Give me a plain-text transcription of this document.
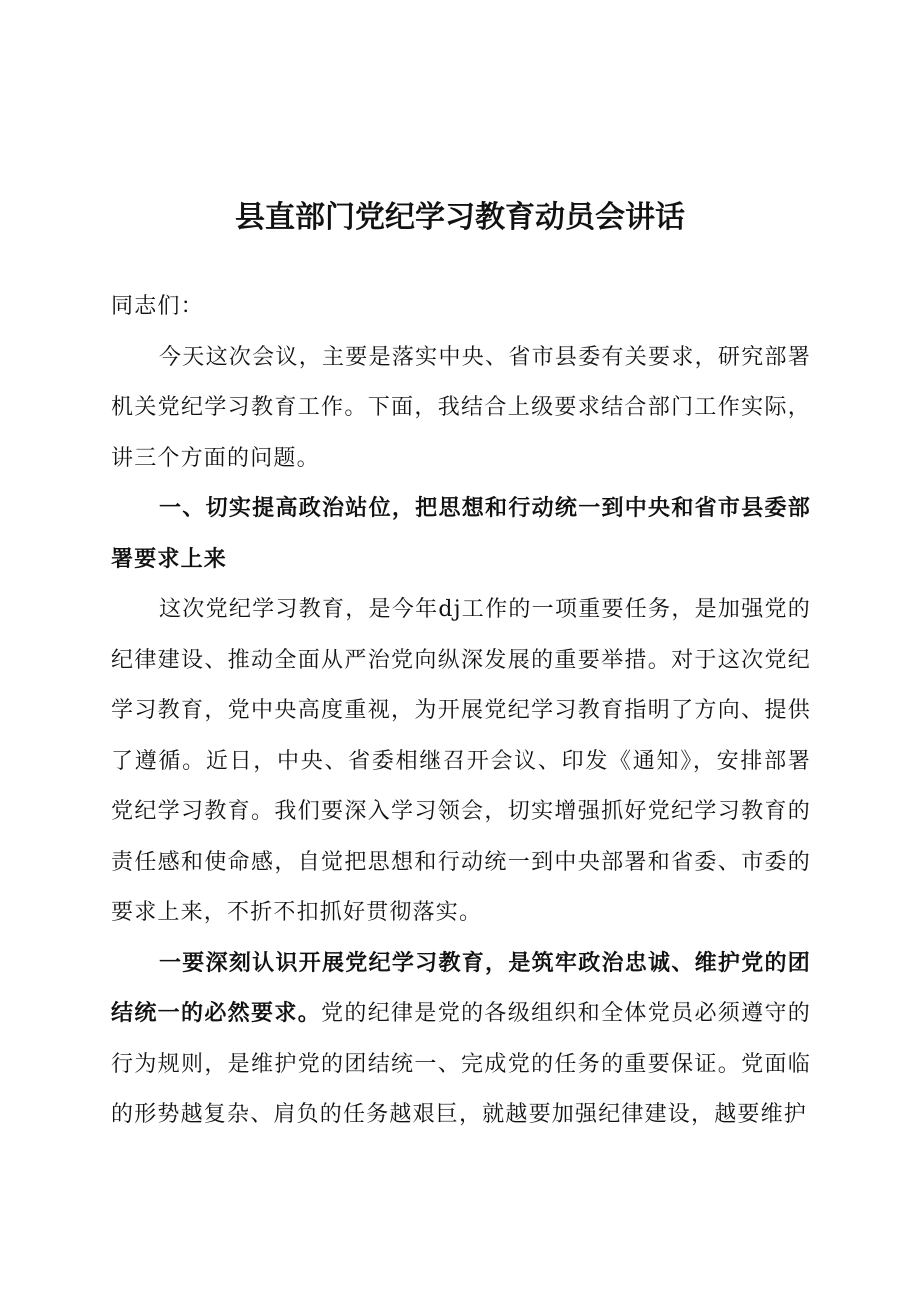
县直部门党纪学习教育动员会讲话

同志们：

今天这次会议，主要是落实中央、省市县委有关要求，研究部署机关党纪学习教育工作。下面，我结合上级要求结合部门工作实际，讲三个方面的问题。

一、切实提高政治站位，把思想和行动统一到中央和省市县委部署要求上来

这次党纪学习教育，是今年dj工作的一项重要任务，是加强党的纪律建设、推动全面从严治党向纵深发展的重要举措。对于这次党纪学习教育，党中央高度重视，为开展党纪学习教育指明了方向、提供了遵循。近日，中央、省委相继召开会议、印发《通知》，安排部署党纪学习教育。我们要深入学习领会，切实增强抓好党纪学习教育的责任感和使命感，自觉把思想和行动统一到中央部署和省委、市委的要求上来，不折不扣抓好贯彻落实。

一要深刻认识开展党纪学习教育，是筑牢政治忠诚、维护党的团结统一的必然要求。党的纪律是党的各级组织和全体党员必须遵守的行为规则，是维护党的团结统一、完成党的任务的重要保证。党面临的形势越复杂、肩负的任务越艰巨，就越要加强纪律建设，越要维护
